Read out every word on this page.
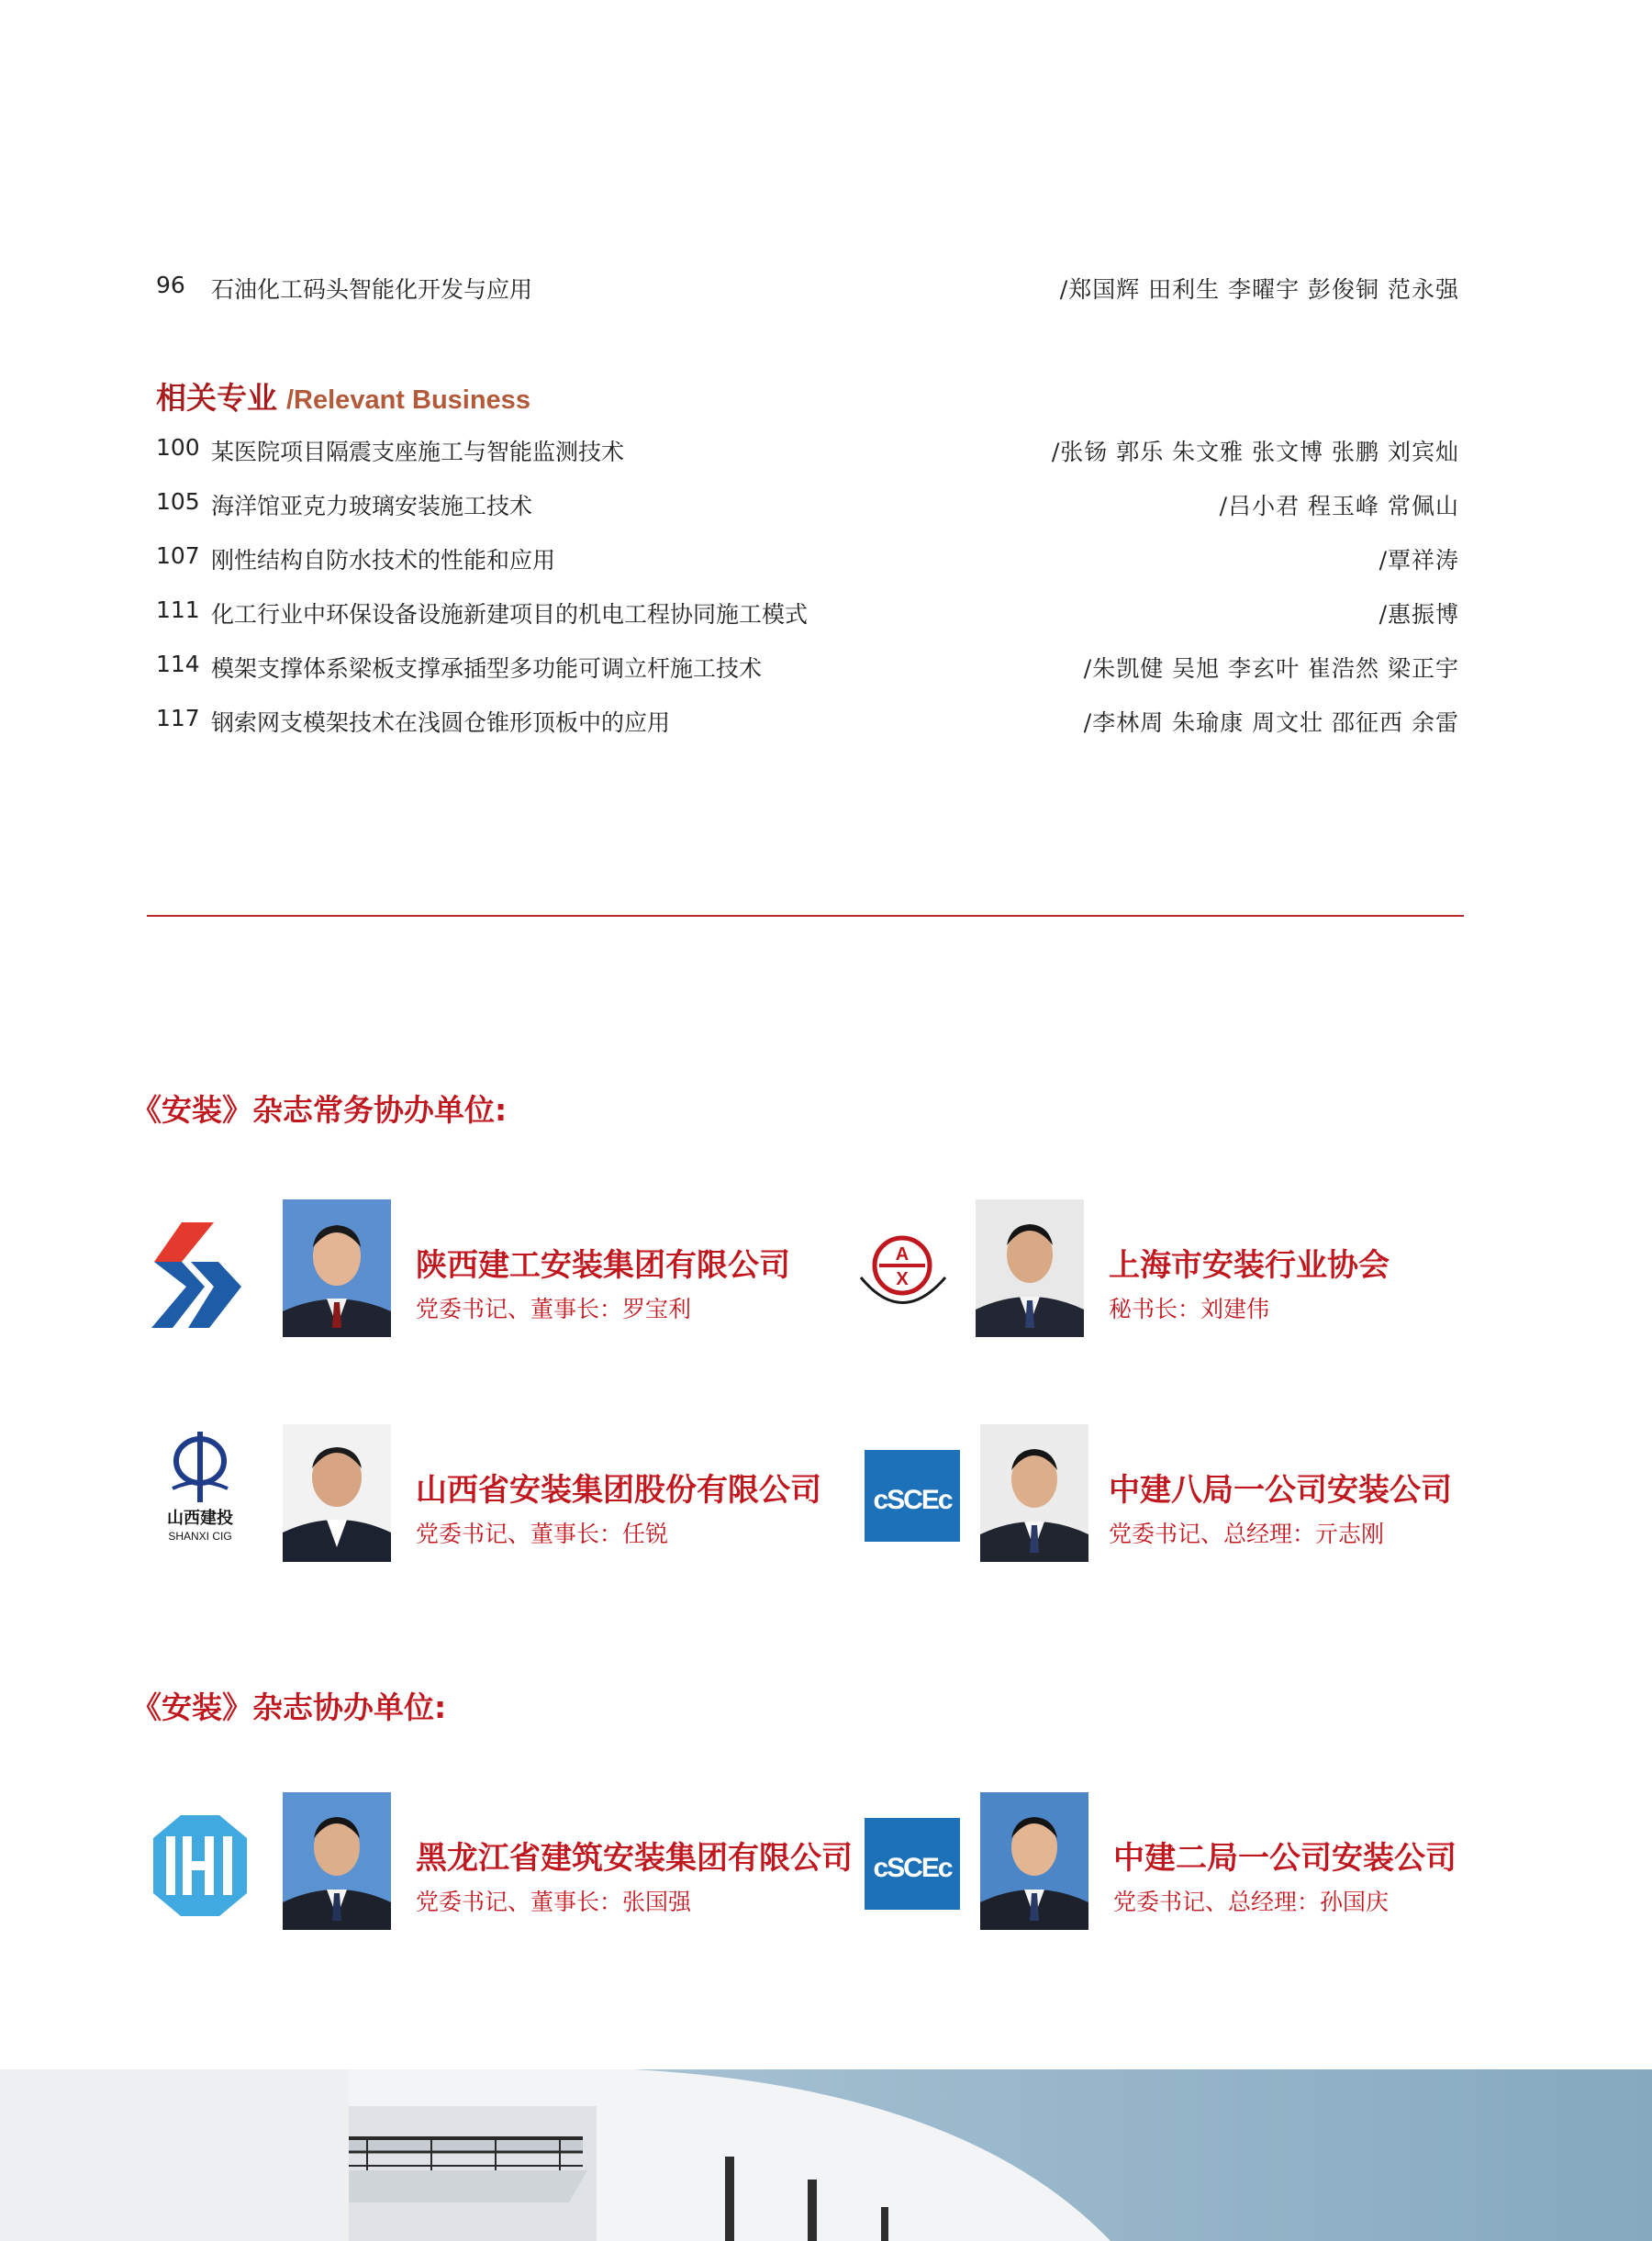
96 石油化工码头智能化开发与应用	/郑国辉 田利生 李曜宇 彭俊铜 范永强
相关专业 /Relevant Business
100 某医院项目隔震支座施工与智能监测技术	/张钖 郭乐 朱文雅 张文博 张鹏 刘宾灿
105 海洋馆亚克力玻璃安装施工技术	/吕小君 程玉峰 常佩山
107 刚性结构自防水技术的性能和应用	/覃祥涛
111 化工行业中环保设备设施新建项目的机电工程协同施工模式	/惠振博
114 模架支撑体系梁板支撑承插型多功能可调立杆施工技术	/朱凯健 吴旭 李玄叶 崔浩然 梁正宇
117 钢索网支模架技术在浅圆仓锥形顶板中的应用	/李林周 朱瑜康 周文壮 邵征西 余雷
《安装》杂志常务协办单位:
陕西建工安装集团有限公司
党委书记、董事长：罗宝利
A
X	上海市安装行业协会
秘书长：刘建伟
山西建投
SHANXI CIG
山西省安装集团股份有限公司
党委书记、董事长：任锐
cSCEc	中建八局一公司安装公司
党委书记、总经理：亓志刚
《安装》杂志协办单位:
黑龙江省建筑安装集团有限公司
党委书记、董事长：张国强
cSCEc	中建二局一公司安装公司
党委书记、总经理：孙国庆
